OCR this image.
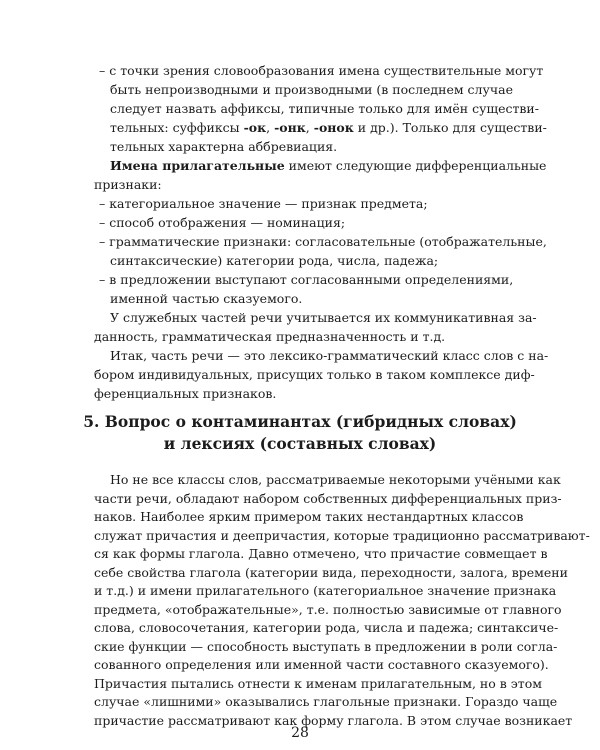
– с точки зрения словообразования имена существительные могут
быть непроизводными и производными (в последнем случае
следует назвать аффиксы, типичные только для имён существи-
тельных: суффиксы -ок, -онк, -онок и др.). Только для существи-
тельных характерна аббревиация.
Имена прилагательные имеют следующие дифференциальные
признаки:
– категориальное значение — признак предмета;
– способ отображения — номинация;
– грамматические признаки: согласовательные (отображательные,
синтаксические) категории рода, числа, падежа;
– в предложении выступают согласованными определениями,
именной частью сказуемого.
У служебных частей речи учитывается их коммуникативная за-
данность, грамматическая предназначенность и т.д.
Итак, часть речи — это лексико-грамматический класс слов с на-
бором индивидуальных, присущих только в таком комплексе диф-
ференциальных признаков.
5. Вопрос о контаминантах (гибридных словах)
и лексиях (составных словах)
Но не все классы слов, рассматриваемые некоторыми учёными как
части речи, обладают набором собственных дифференциальных приз-
наков. Наиболее ярким примером таких нестандартных классов
служат причастия и деепричастия, которые традиционно рассматривают-
ся как формы глагола. Давно отмечено, что причастие совмещает в
себе свойства глагола (категории вида, переходности, залога, времени
и т.д.) и имени прилагательного (категориальное значение признака
предмета, «отображательные», т.е. полностью зависимые от главного
слова, словосочетания, категории рода, числа и падежа; синтаксиче-
ские функции — способность выступать в предложении в роли согла-
сованного определения или именной части составного сказуемого).
Причастия пытались отнести к именам прилагательным, но в этом
случае «лишними» оказывались глагольные признаки. Гораздо чаще
причастие рассматривают как форму глагола. В этом случае возникает
28
